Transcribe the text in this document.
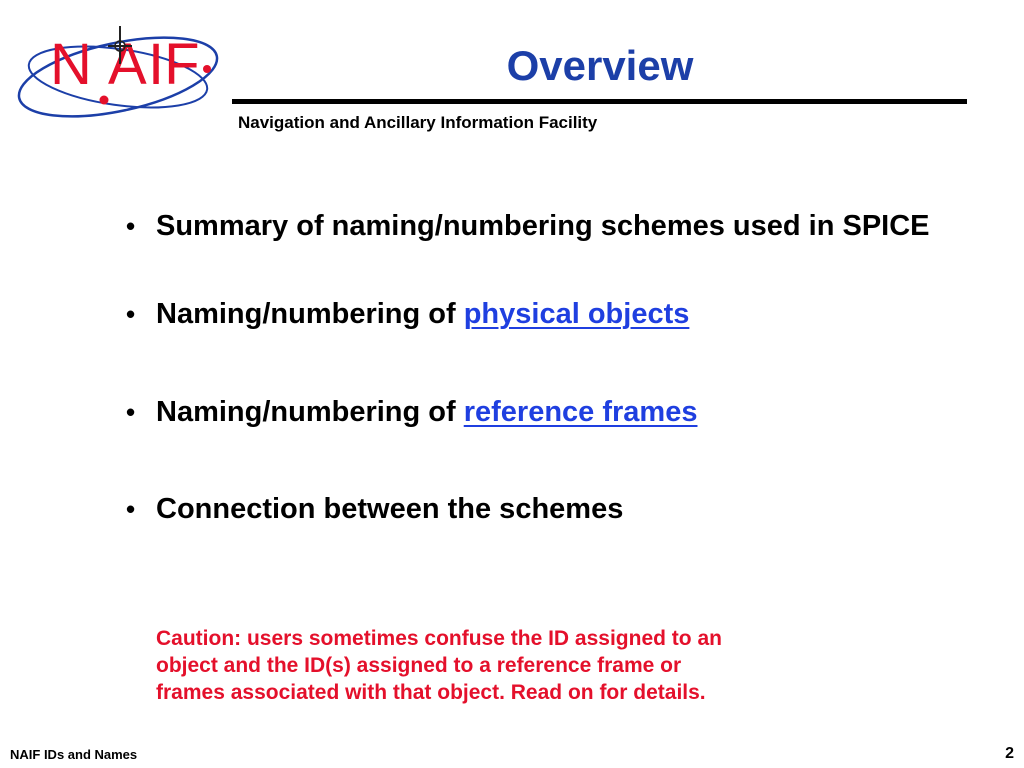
N A IF	Overview
Navigation and Ancillary Information Facility
• Summary of naming/numbering schemes used in SPICE
• Naming/numbering of physical objects
• Naming/numbering of reference frames
• Connection between the schemes
Caution: users sometimes confuse the ID assigned to an
object and the ID(s) assigned to a reference frame or
frames associated with that object. Read on for details.
NAIF IDs and Names	2
